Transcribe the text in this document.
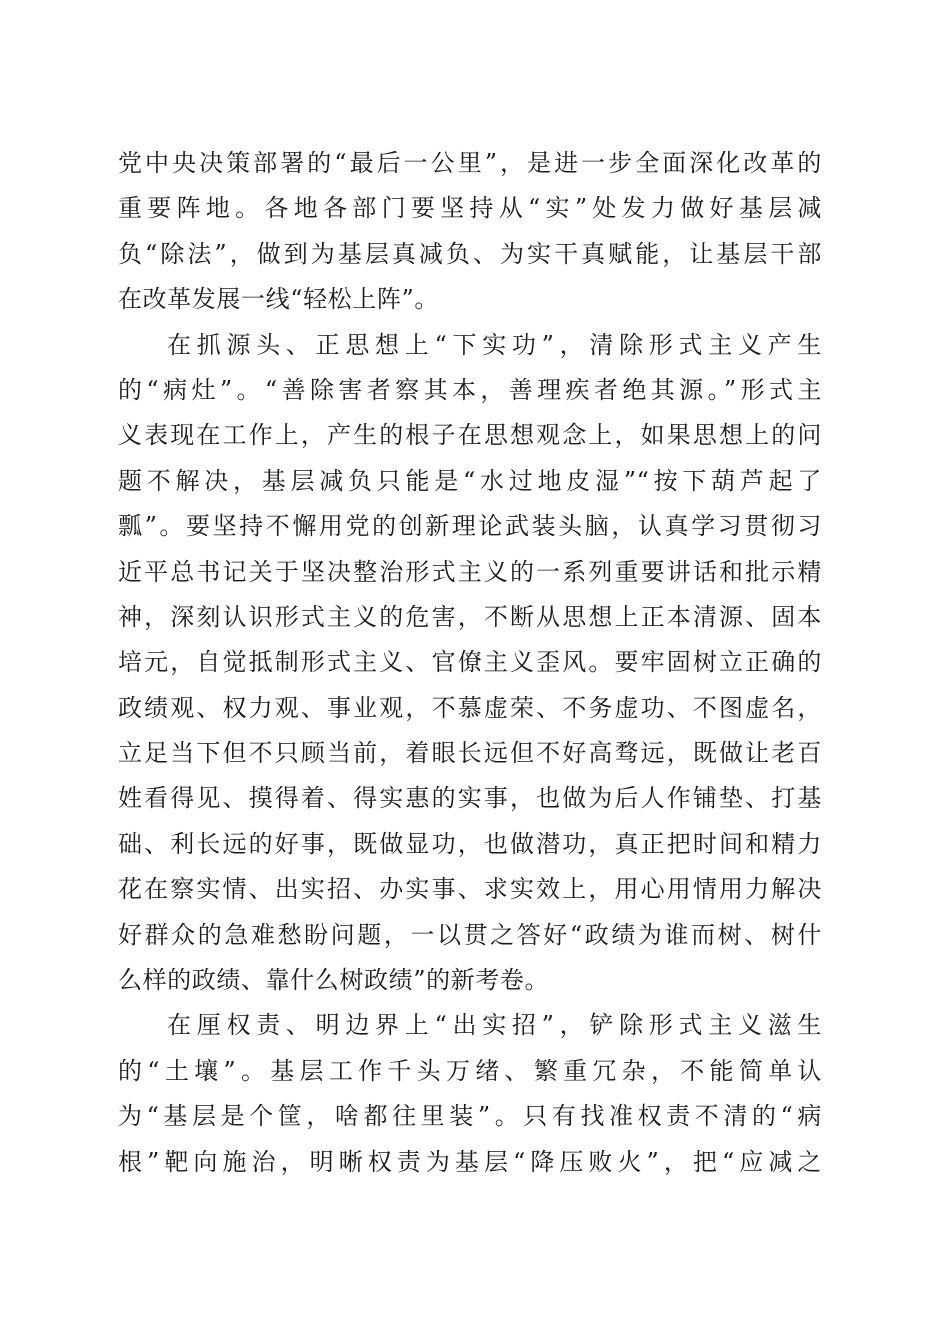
党中央决策部署的“最后一公里”，是进一步全面深化改革的
重要阵地。各地各部门要坚持从“实”处发力做好基层减
负“除法”，做到为基层真减负、为实干真赋能，让基层干部
在改革发展一线“轻松上阵”。
在抓源头、正思想上“下实功”，清除形式主义产生
的“病灶”。“善除害者察其本，善理疾者绝其源。”形式主
义表现在工作上，产生的根子在思想观念上，如果思想上的问
题不解决，基层减负只能是“水过地皮湿”“按下葫芦起了
瓢”。要坚持不懈用党的创新理论武装头脑，认真学习贯彻习
近平总书记关于坚决整治形式主义的一系列重要讲话和批示精
神，深刻认识形式主义的危害，不断从思想上正本清源、固本
培元，自觉抵制形式主义、官僚主义歪风。要牢固树立正确的
政绩观、权力观、事业观，不慕虚荣、不务虚功、不图虚名，
立足当下但不只顾当前，着眼长远但不好高骛远，既做让老百
姓看得见、摸得着、得实惠的实事，也做为后人作铺垫、打基
础、利长远的好事，既做显功，也做潜功，真正把时间和精力
花在察实情、出实招、办实事、求实效上，用心用情用力解决
好群众的急难愁盼问题，一以贯之答好“政绩为谁而树、树什
么样的政绩、靠什么树政绩”的新考卷。
在厘权责、明边界上“出实招”，铲除形式主义滋生
的“土壤”。基层工作千头万绪、繁重冗杂，不能简单认
为“基层是个筐，啥都往里装”。只有找准权责不清的“病
根”靶向施治，明晰权责为基层“降压败火”，把“应减之
